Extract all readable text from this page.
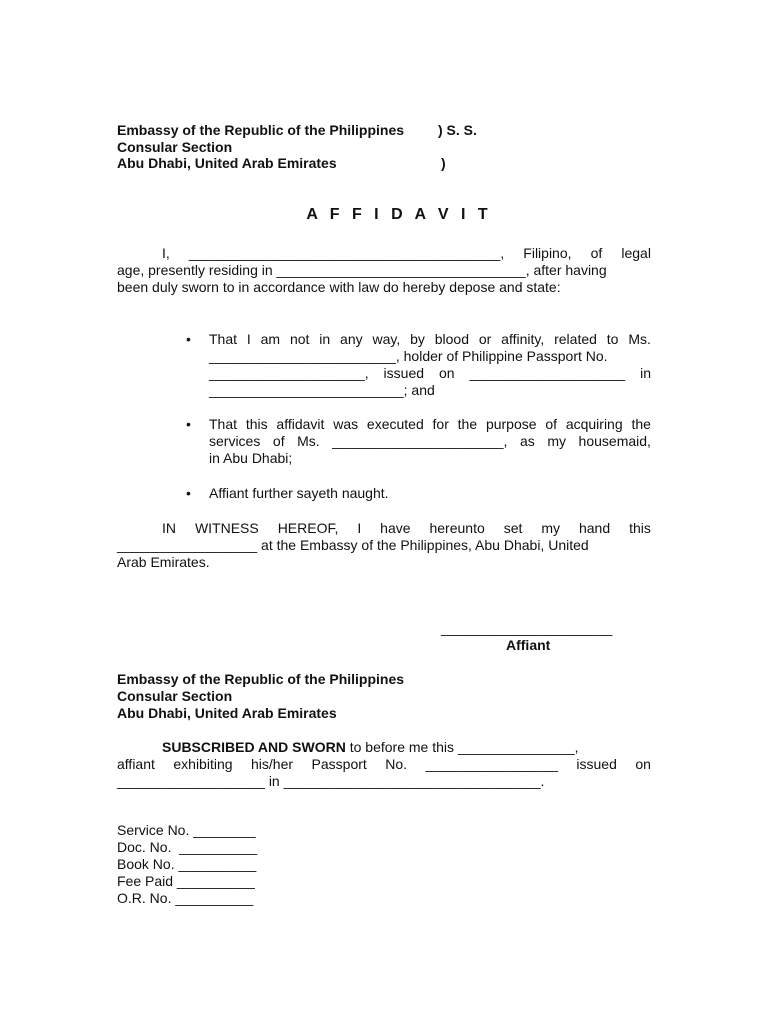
Embassy of the Republic of the Philippines ) S. S.
Consular Section
Abu Dhabi, United Arab Emirates	)
A F F I D A V I T
I, ________________________________________, Filipino, of legal
age, presently residing in ________________________________, after having
been duly sworn to in accordance with law do hereby depose and state:
• That I am not in any way, by blood or affinity, related to Ms.
________________________, holder of Philippine Passport No.
____________________, issued on ____________________ in
_________________________; and
• That this affidavit was executed for the purpose of acquiring the
services of Ms. ______________________, as my housemaid,
in Abu Dhabi;
• Affiant further sayeth naught.
IN WITNESS HEREOF, I have hereunto set my hand this
__________________ at the Embassy of the Philippines, Abu Dhabi, United
Arab Emirates.
______________________
Affiant
Embassy of the Republic of the Philippines
Consular Section
Abu Dhabi, United Arab Emirates
SUBSCRIBED AND SWORN to before me this _______________,
affiant exhibiting his/her Passport No. _________________ issued on
___________________ in _________________________________.
Service No. ________
Doc. No.  __________
Book No. __________
Fee Paid __________
O.R. No. __________
